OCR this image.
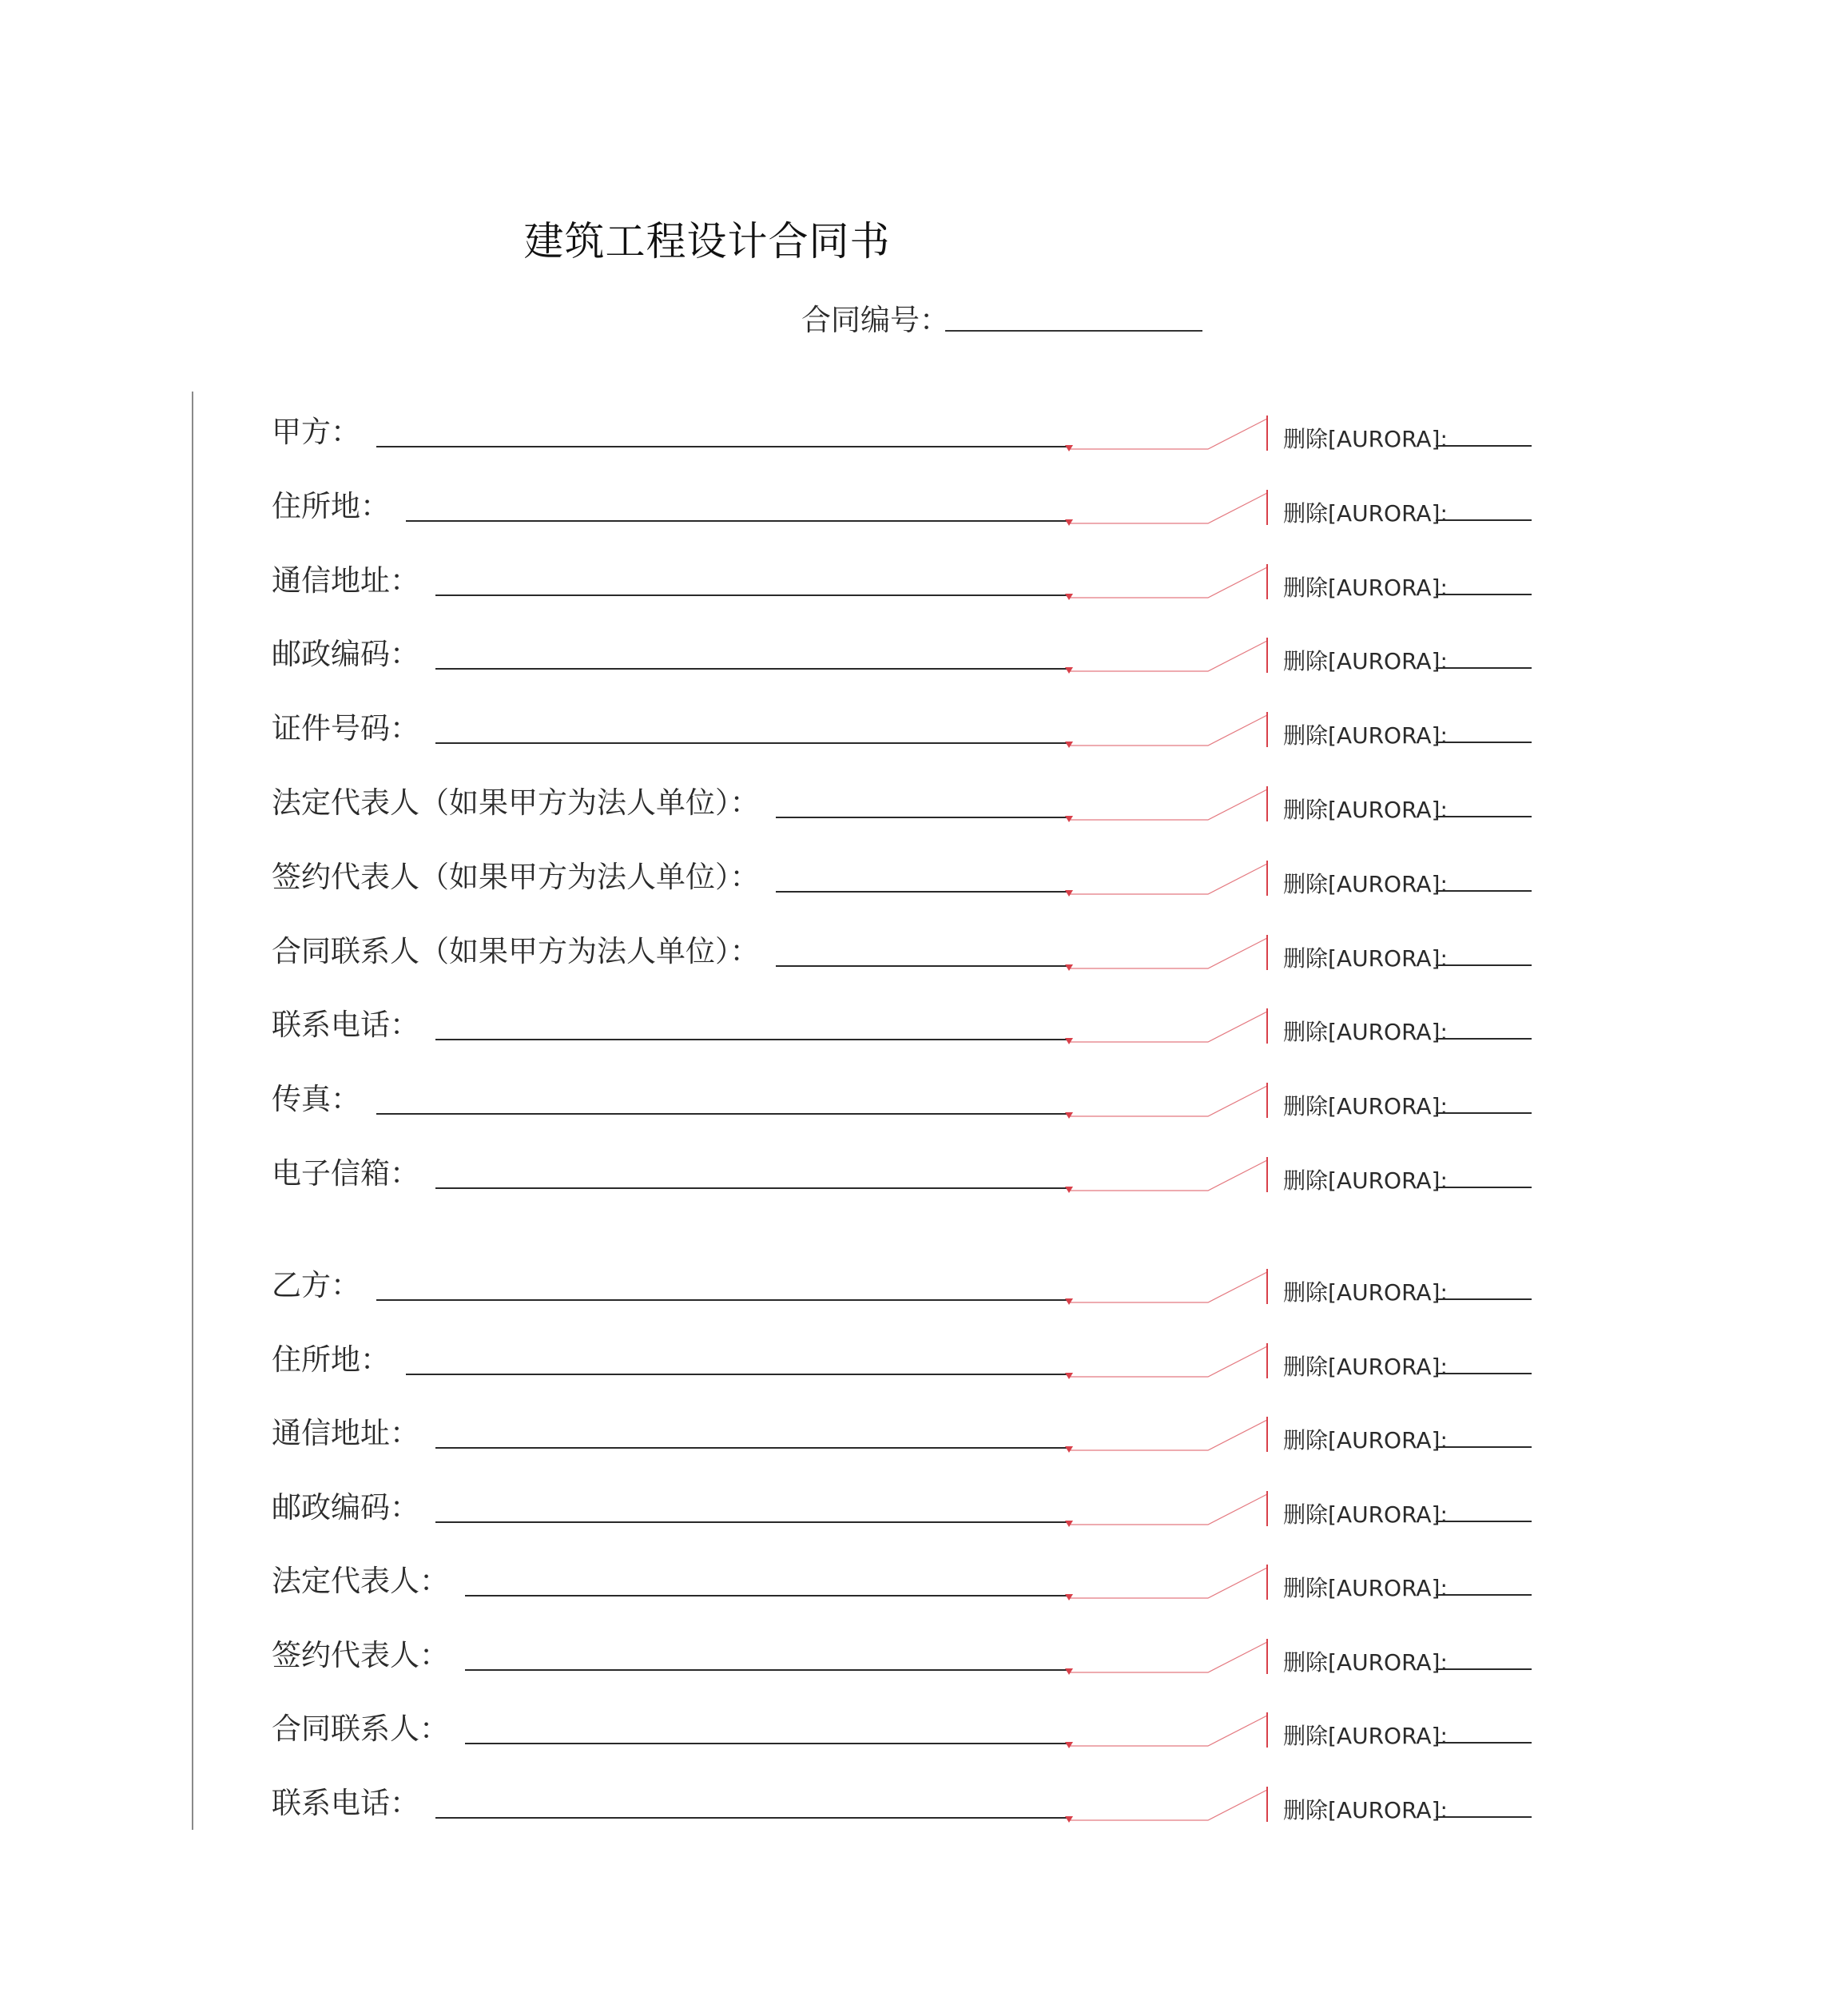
建筑工程设计合同书
合同编号：
甲方：	删除[AURORA]:
住所地：	删除[AURORA]:
通信地址：	删除[AURORA]:
邮政编码：	删除[AURORA]:
证件号码：	删除[AURORA]:
法定代表人（如果甲方为法人单位）：	删除[AURORA]:
签约代表人（如果甲方为法人单位）：	删除[AURORA]:
合同联系人（如果甲方为法人单位）：	删除[AURORA]:
联系电话：	删除[AURORA]:
传真：	删除[AURORA]:
电子信箱：	删除[AURORA]:
乙方：	删除[AURORA]:
住所地：	删除[AURORA]:
通信地址：	删除[AURORA]:
邮政编码：	删除[AURORA]:
法定代表人：	删除[AURORA]:
签约代表人：	删除[AURORA]:
合同联系人：	删除[AURORA]:
联系电话：	删除[AURORA]:
